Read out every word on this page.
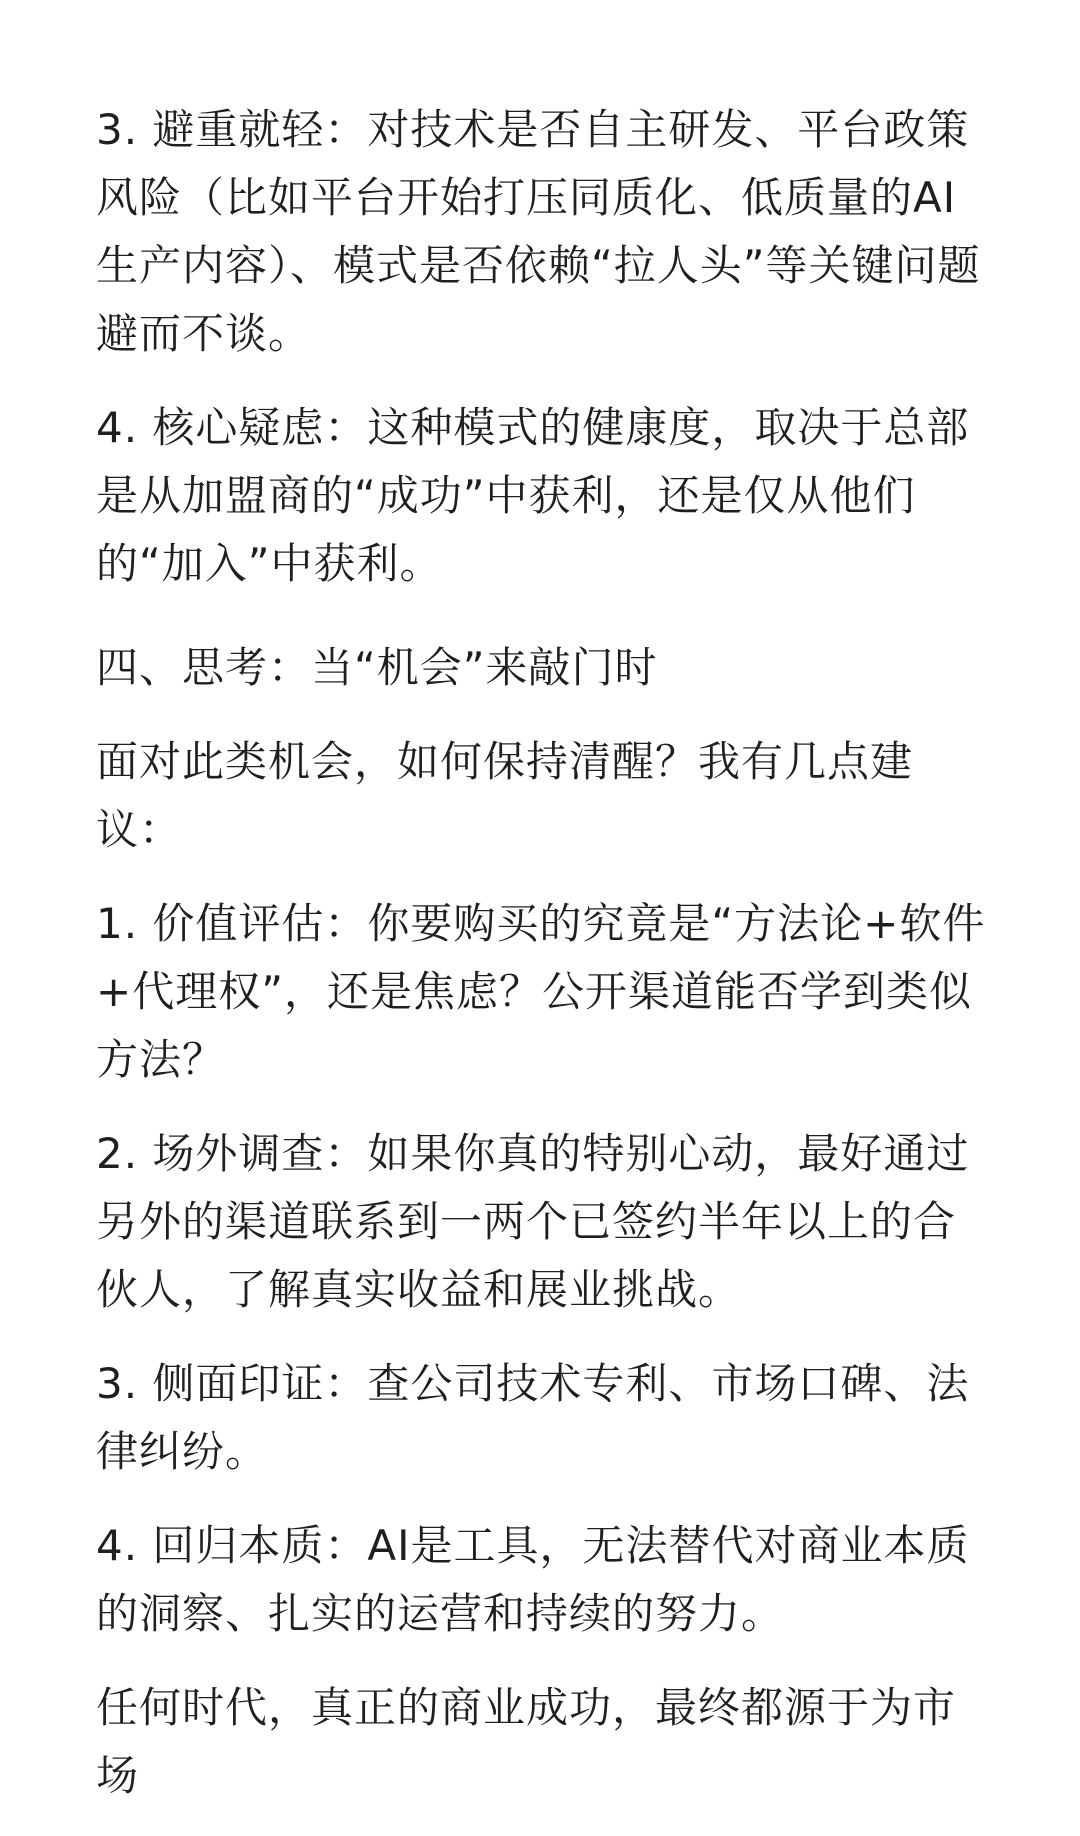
3. 避重就轻：对技术是否自主研发、平台政策风险（比如平台开始打压同质化、低质量的AI生产内容）、模式是否依赖“拉人头”等关键问题避而不谈。

4. 核心疑虑：这种模式的健康度，取决于总部是从加盟商的“成功”中获利，还是仅从他们的“加入”中获利。

四、思考：当“机会”来敲门时

面对此类机会，如何保持清醒？我有几点建议：

1. 价值评估：你要购买的究竟是“方法论+软件+代理权”，还是焦虑？公开渠道能否学到类似方法？

2. 场外调查：如果你真的特别心动，最好通过另外的渠道联系到一两个已签约半年以上的合伙人，了解真实收益和展业挑战。

3. 侧面印证：查公司技术专利、市场口碑、法律纠纷。

4. 回归本质：AI是工具，无法替代对商业本质的洞察、扎实的运营和持续的努力。

任何时代，真正的商业成功，最终都源于为市场
